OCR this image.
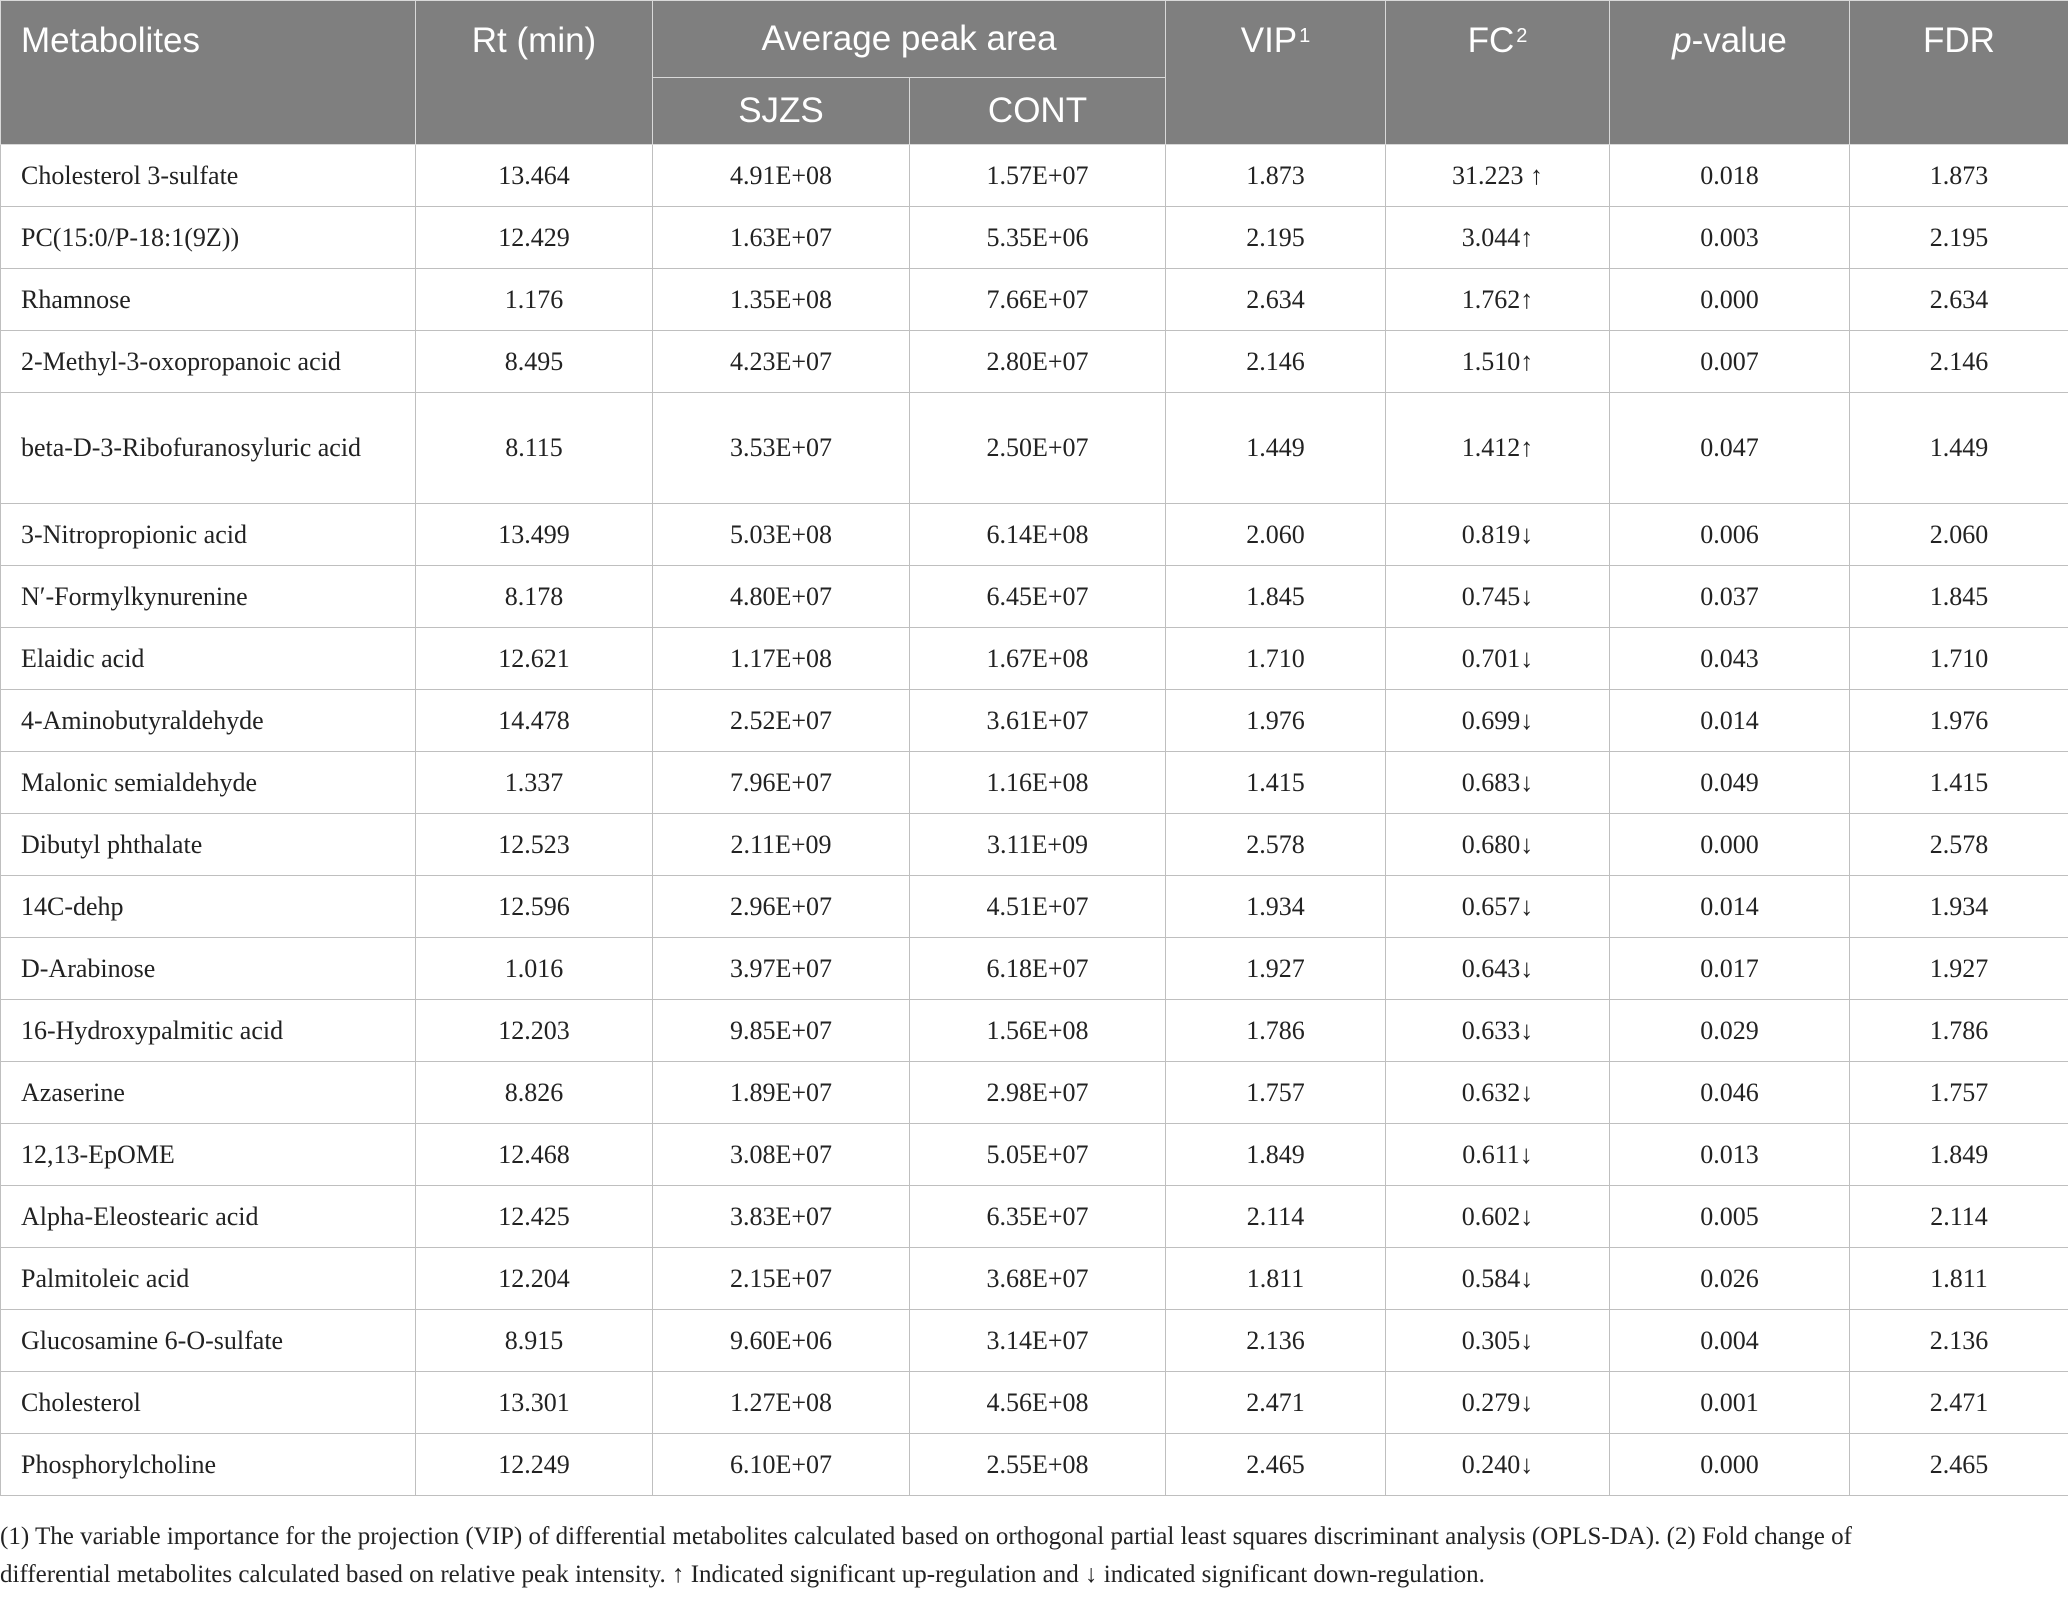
Metabolites	Rt (min)	Average peak area		VIP $^1$	FC $^2$	p-value	FDR
		SJZS	CONT				
Cholesterol 3-sulfate	13.464	4.91E+08	1.57E+07	1.873	31.223 ↑	0.018	1.873
PC(15:0/P-18:1(9Z))	12.429	1.63E+07	5.35E+06	2.195	3.044↑	0.003	2.195
Rhamnose	1.176	1.35E+08	7.66E+07	2.634	1.762↑	0.000	2.634
2-Methyl-3-oxopropanoic acid	8.495	4.23E+07	2.80E+07	2.146	1.510↑	0.007	2.146
beta-D-3-Ribofuranosyluric acid	8.115	3.53E+07	2.50E+07	1.449	1.412↑	0.047	1.449
3-Nitropropionic acid	13.499	5.03E+08	6.14E+08	2.060	0.819↓	0.006	2.060
N′-Formylkynurenine	8.178	4.80E+07	6.45E+07	1.845	0.745↓	0.037	1.845
Elaidic acid	12.621	1.17E+08	1.67E+08	1.710	0.701↓	0.043	1.710
4-Aminobutyraldehyde	14.478	2.52E+07	3.61E+07	1.976	0.699↓	0.014	1.976
Malonic semialdehyde	1.337	7.96E+07	1.16E+08	1.415	0.683↓	0.049	1.415
Dibutyl phthalate	12.523	2.11E+09	3.11E+09	2.578	0.680↓	0.000	2.578
14C-dehp	12.596	2.96E+07	4.51E+07	1.934	0.657↓	0.014	1.934
D-Arabinose	1.016	3.97E+07	6.18E+07	1.927	0.643↓	0.017	1.927
16-Hydroxypalmitic acid	12.203	9.85E+07	1.56E+08	1.786	0.633↓	0.029	1.786
Azaserine	8.826	1.89E+07	2.98E+07	1.757	0.632↓	0.046	1.757
12,13-EpOME	12.468	3.08E+07	5.05E+07	1.849	0.611↓	0.013	1.849
Alpha-Eleostearic acid	12.425	3.83E+07	6.35E+07	2.114	0.602↓	0.005	2.114
Palmitoleic acid	12.204	2.15E+07	3.68E+07	1.811	0.584↓	0.026	1.811
Glucosamine 6-O-sulfate	8.915	9.60E+06	3.14E+07	2.136	0.305↓	0.004	2.136
Cholesterol	13.301	1.27E+08	4.56E+08	2.471	0.279↓	0.001	2.471
Phosphorylcholine	12.249	6.10E+07	2.55E+08	2.465	0.240↓	0.000	2.465
(1) The variable importance for the projection (VIP) of differential metabolites calculated based on orthogonal partial least squares discriminant analysis (OPLS-DA). (2) Fold change of
differential metabolites calculated based on relative peak intensity. ↑ Indicated significant up-regulation and ↓ indicated significant down-regulation.
